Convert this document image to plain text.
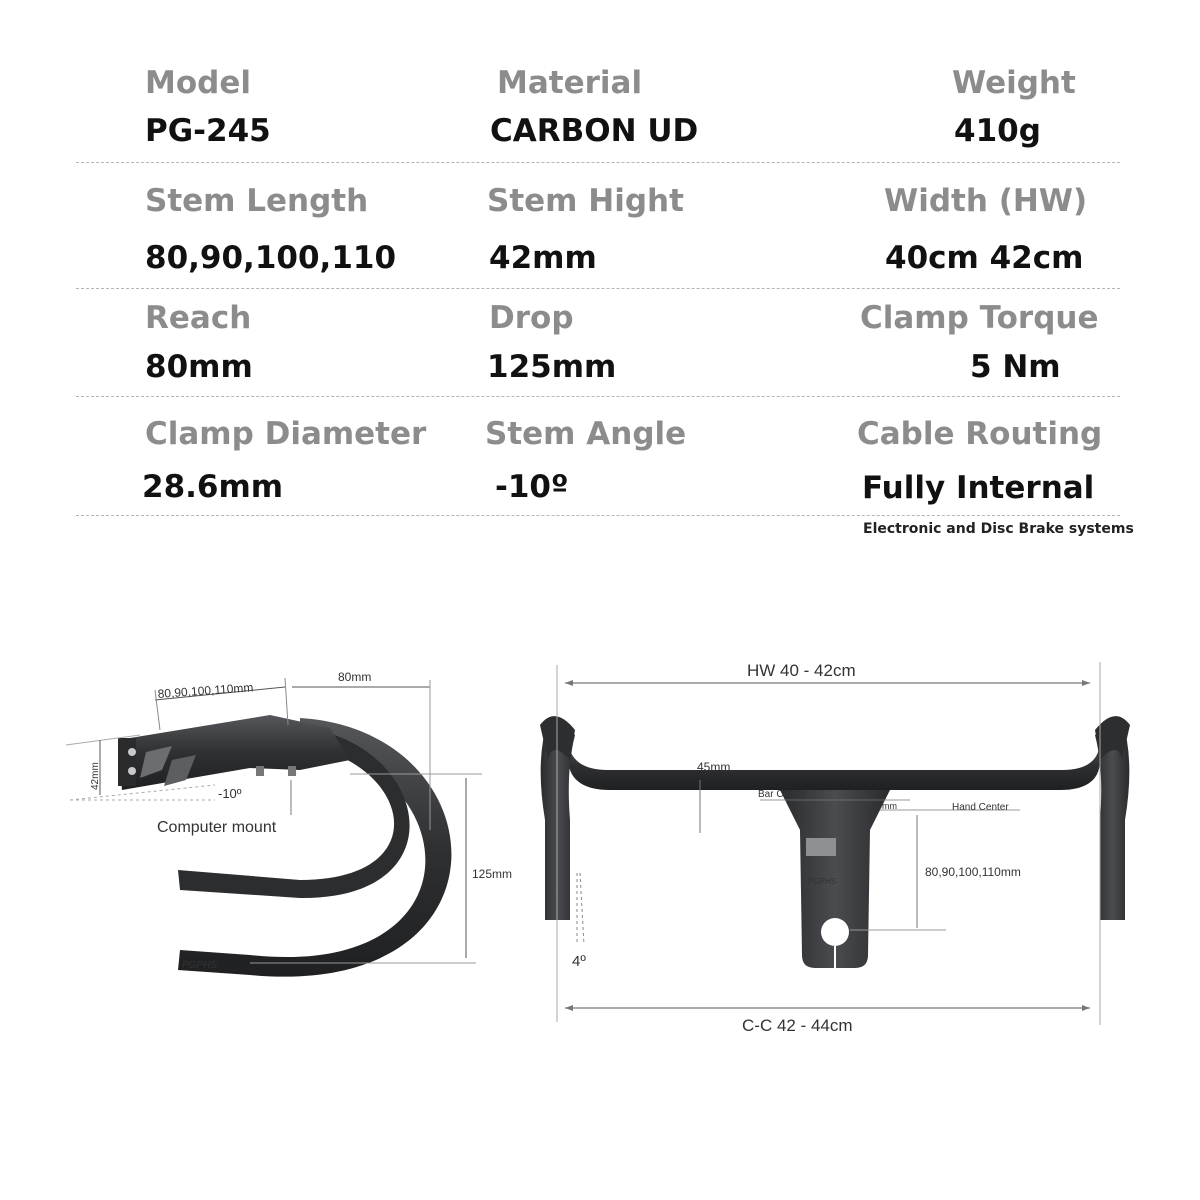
Model
PG-245
Material
CARBON UD
Weight
410g
Stem Length
80,90,100,110
Stem Hight
42mm
Width (HW)
40cm 42cm
Reach
80mm
Drop
125mm
Clamp Torque
5 Nm
Clamp Diameter
28.6mm
Stem Angle
-10º
Cable Routing
Fully Internal
Electronic and Disc Brake systems
PGPHS
80,90,100,110mm
80mm
42mm
-10º
Computer mount
125mm
PGPHS
HW 40 - 42cm
45mm
Bar Center
10mm	Hand Center
80,90,100,110mm
4º
C-C 42 - 44cm
